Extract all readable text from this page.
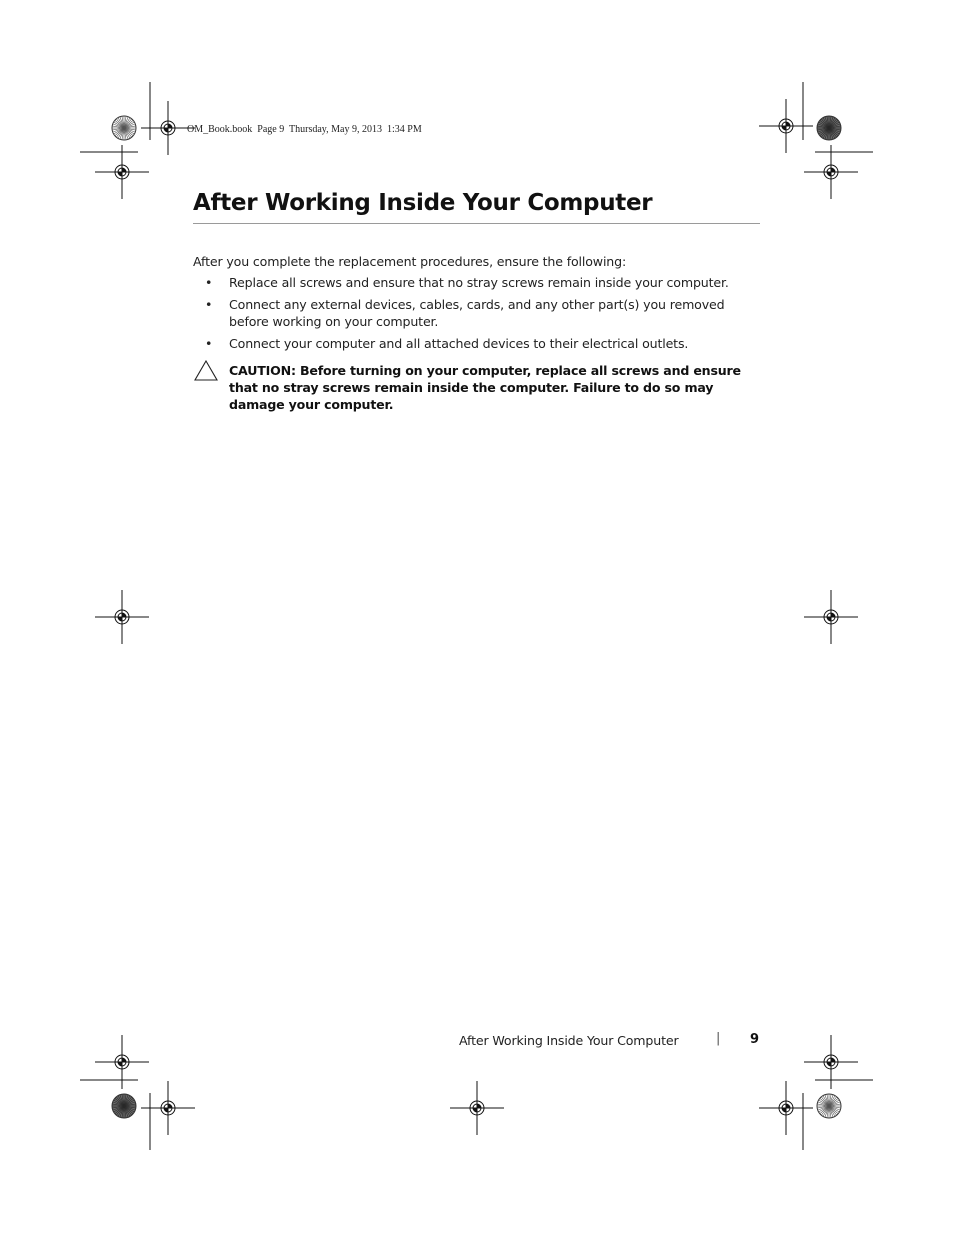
OM_Book.book  Page 9  Thursday, May 9, 2013  1:34 PM
After Working Inside Your Computer

After you complete the replacement procedures, ensure the following:

• Replace all screws and ensure that no stray screws remain inside your computer.
• Connect any external devices, cables, cards, and any other part(s) you removed before working on your computer.
• Connect your computer and all attached devices to their electrical outlets.

CAUTION: Before turning on your computer, replace all screws and ensure that no stray screws remain inside the computer. Failure to do so may damage your computer.

After Working Inside Your Computer	| 9
